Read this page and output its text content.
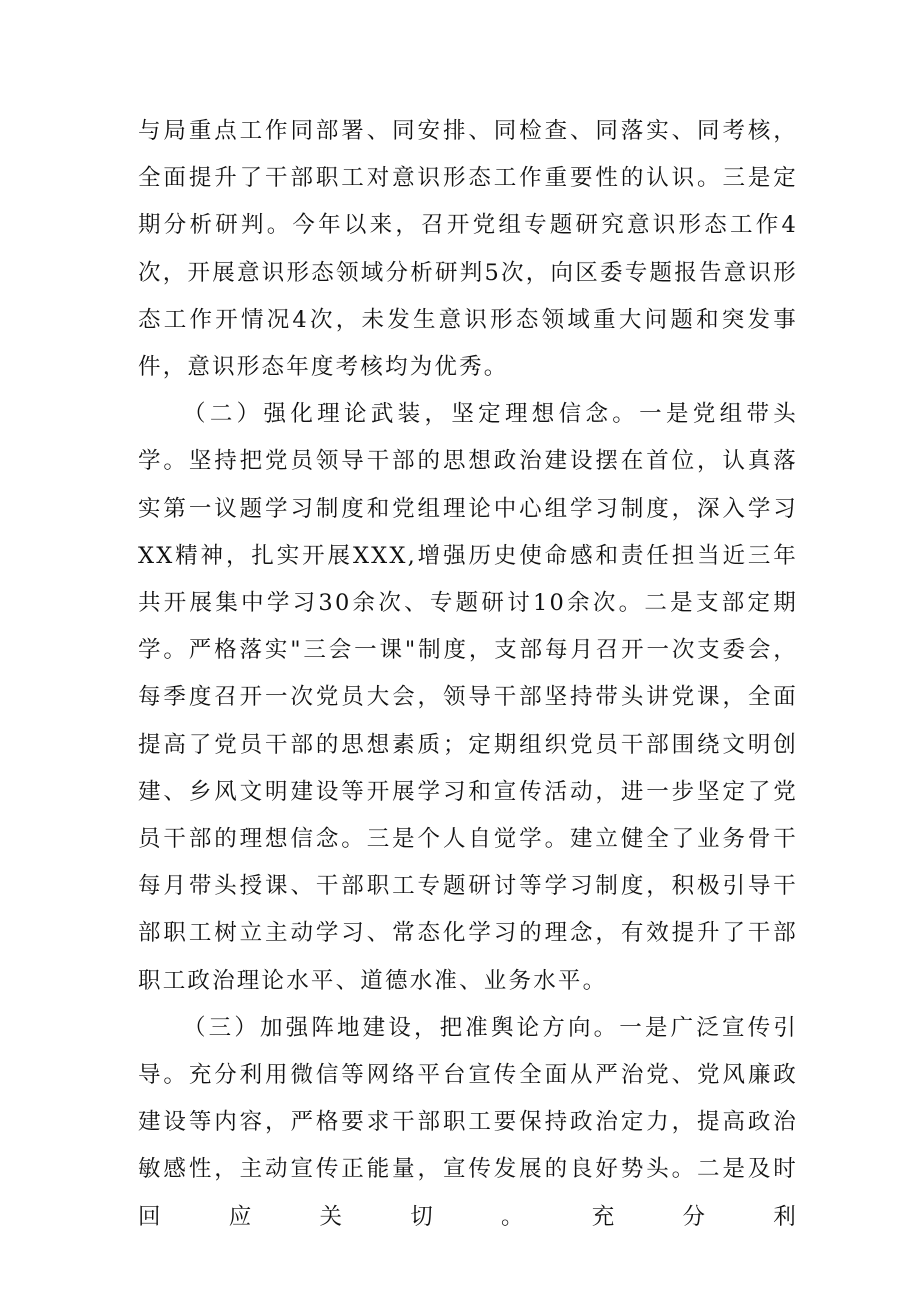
与局重点工作同部署、同安排、同检查、同落实、同考核，全面提升了干部职工对意识形态工作重要性的认识。三是定期分析研判。今年以来，召开党组专题研究意识形态工作4次，开展意识形态领域分析研判5次，向区委专题报告意识形态工作开情况4次，未发生意识形态领域重大问题和突发事件，意识形态年度考核均为优秀。

（二）强化理论武装，坚定理想信念。一是党组带头学。坚持把党员领导干部的思想政治建设摆在首位，认真落实第一议题学习制度和党组理论中心组学习制度，深入学习XX精神，扎实开展XXX,增强历史使命感和责任担当近三年共开展集中学习30余次、专题研讨10余次。二是支部定期学。严格落实"三会一课"制度，支部每月召开一次支委会，每季度召开一次党员大会，领导干部坚持带头讲党课，全面提高了党员干部的思想素质；定期组织党员干部围绕文明创建、乡风文明建设等开展学习和宣传活动，进一步坚定了党员干部的理想信念。三是个人自觉学。建立健全了业务骨干每月带头授课、干部职工专题研讨等学习制度，积极引导干部职工树立主动学习、常态化学习的理念，有效提升了干部职工政治理论水平、道德水准、业务水平。

（三）加强阵地建设，把准舆论方向。一是广泛宣传引导。充分利用微信等网络平台宣传全面从严治党、党风廉政建设等内容，严格要求干部职工要保持政治定力，提高政治敏感性，主动宣传正能量，宣传发展的良好势头。二是及时回应关切。充分利
